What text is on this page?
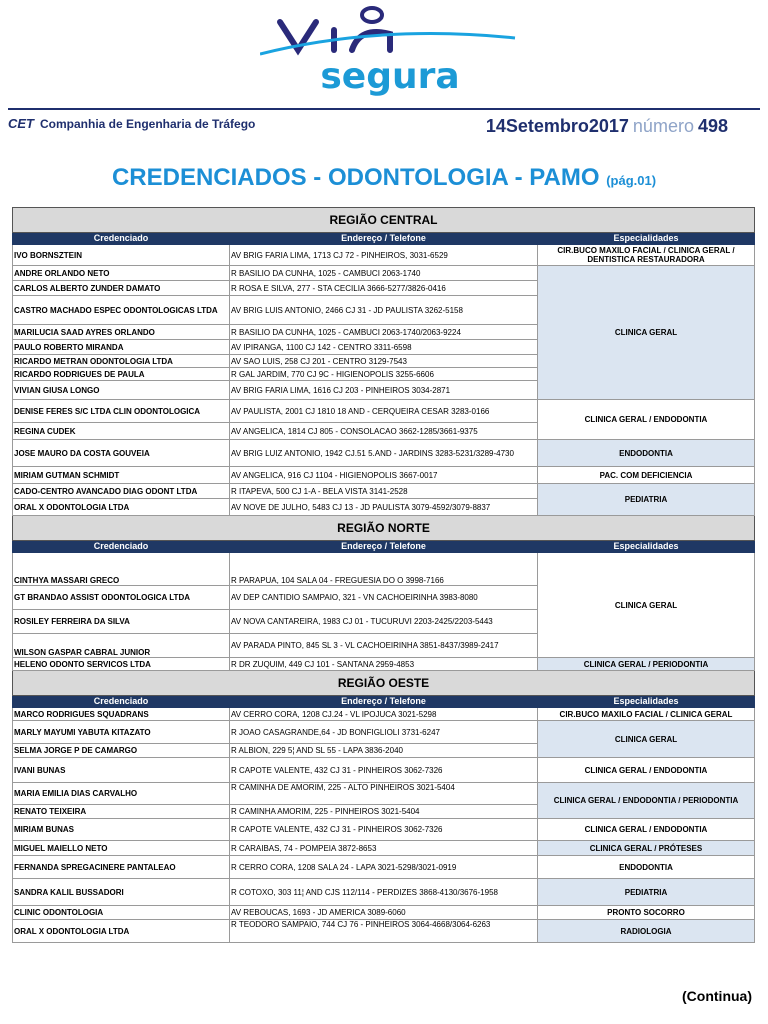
segura
CET Companhia de Engenharia de Tráfego	14Setembro2017 número 498
CREDENCIADOS - ODONTOLOGIA - PAMO (pág.01)
REGIÃO CENTRAL		
Credenciado	Endereço / Telefone	Especialidades
IVO BORNSZTEIN	AV BRIG FARIA LIMA, 1713 CJ 72 - PINHEIROS, 3031-6529	CIR.BUCO MAXILO FACIAL / CLINICA GERAL / DENTISTICA RESTAURADORA
ANDRE ORLANDO NETO	R BASILIO DA CUNHA, 1025 - CAMBUCI 2063-1740	CLINICA GERAL
CARLOS ALBERTO ZUNDER DAMATO	R ROSA E SILVA, 277 - STA CECILIA 3666-5277/3826-0416	
CASTRO MACHADO ESPEC ODONTOLOGICAS LTDA	AV BRIG LUIS ANTONIO, 2466 CJ 31 - JD PAULISTA 3262-5158	
MARILUCIA SAAD AYRES ORLANDO	R BASILIO DA CUNHA, 1025 - CAMBUCI 2063-1740/2063-9224	
PAULO ROBERTO MIRANDA	AV IPIRANGA, 1100 CJ 142 - CENTRO 3311-6598	
RICARDO METRAN ODONTOLOGIA LTDA	AV SAO LUIS, 258 CJ 201 - CENTRO 3129-7543	
RICARDO RODRIGUES DE PAULA	R GAL JARDIM, 770 CJ 9C - HIGIENOPOLIS 3255-6606	
VIVIAN GIUSA LONGO	AV BRIG FARIA LIMA, 1616 CJ 203 - PINHEIROS 3034-2871	
DENISE FERES S/C LTDA CLIN ODONTOLOGICA	AV PAULISTA, 2001 CJ 1810 18 AND - CERQUEIRA CESAR 3283-0166	CLINICA GERAL / ENDODONTIA
REGINA CUDEK	AV ANGELICA, 1814 CJ 805 - CONSOLACAO 3662-1285/3661-9375	
JOSE MAURO DA COSTA GOUVEIA	AV BRIG LUIZ ANTONIO, 1942 CJ.51 5.AND - JARDINS 3283-5231/3289-4730	ENDODONTIA
MIRIAM GUTMAN SCHMIDT	AV ANGELICA, 916 CJ 1104 - HIGIENOPOLIS 3667-0017	PAC. COM DEFICIENCIA
CADO-CENTRO AVANCADO DIAG ODONT LTDA	R ITAPEVA, 500 CJ 1-A - BELA VISTA 3141-2528	PEDIATRIA
ORAL X ODONTOLOGIA LTDA	AV NOVE DE JULHO, 5483 CJ 13 - JD PAULISTA 3079-4592/3079-8837	
REGIÃO NORTE		
Credenciado	Endereço / Telefone	Especialidades
CINTHYA MASSARI GRECO	R PARAPUA, 104 SALA 04 - FREGUESIA DO O 3998-7166	CLINICA GERAL
GT BRANDAO ASSIST ODONTOLOGICA LTDA	AV DEP CANTIDIO SAMPAIO, 321 - VN CACHOEIRINHA 3983-8080	
ROSILEY FERREIRA DA SILVA	AV NOVA CANTAREIRA, 1983 CJ 01 - TUCURUVI 2203-2425/2203-5443	
WILSON GASPAR CABRAL JUNIOR	AV PARADA PINTO, 845 SL 3 - VL CACHOEIRINHA 3851-8437/3989-2417	
HELENO ODONTO SERVICOS LTDA	R DR ZUQUIM, 449 CJ 101 - SANTANA 2959-4853	CLINICA GERAL / PERIODONTIA
REGIÃO OESTE		
Credenciado	Endereço / Telefone	Especialidades
MARCO RODRIGUES SQUADRANS	AV CERRO CORA, 1208 CJ.24 - VL IPOJUCA 3021-5298	CIR.BUCO MAXILO FACIAL / CLINICA GERAL
MARLY MAYUMI YABUTA KITAZATO	R JOAO CASAGRANDE,64 - JD BONFIGLIOLI 3731-6247	CLINICA GERAL
SELMA JORGE P DE CAMARGO	R ALBION, 229 5¦ AND SL 55 - LAPA 3836-2040	
IVANI BUNAS	R CAPOTE VALENTE, 432 CJ 31 - PINHEIROS 3062-7326	CLINICA GERAL / ENDODONTIA
MARIA EMILIA DIAS CARVALHO	R CAMINHA DE AMORIM, 225 - ALTO PINHEIROS 3021-5404	CLINICA GERAL / ENDODONTIA / PERIODONTIA
RENATO TEIXEIRA	R CAMINHA AMORIM, 225 - PINHEIROS 3021-5404	
MIRIAM BUNAS	R CAPOTE VALENTE, 432 CJ 31 - PINHEIROS 3062-7326	CLINICA GERAL / ENDODONTIA
MIGUEL MAIELLO NETO	R CARAIBAS, 74 - POMPEIA 3872-8653	CLINICA GERAL / PRÓTESES
FERNANDA SPREGACINERE PANTALEAO	R CERRO CORA, 1208 SALA 24 - LAPA 3021-5298/3021-0919	ENDODONTIA
SANDRA KALIL BUSSADORI	R COTOXO, 303 11¦ AND CJS 112/114 - PERDIZES 3868-4130/3676-1958	PEDIATRIA
CLINIC ODONTOLOGIA	AV REBOUCAS, 1693 - JD AMERICA 3089-6060	PRONTO SOCORRO
ORAL X ODONTOLOGIA LTDA	R TEODORO SAMPAIO, 744 CJ 76 - PINHEIROS 3064-4668/3064-6263	RADIOLOGIA
(Continua)
